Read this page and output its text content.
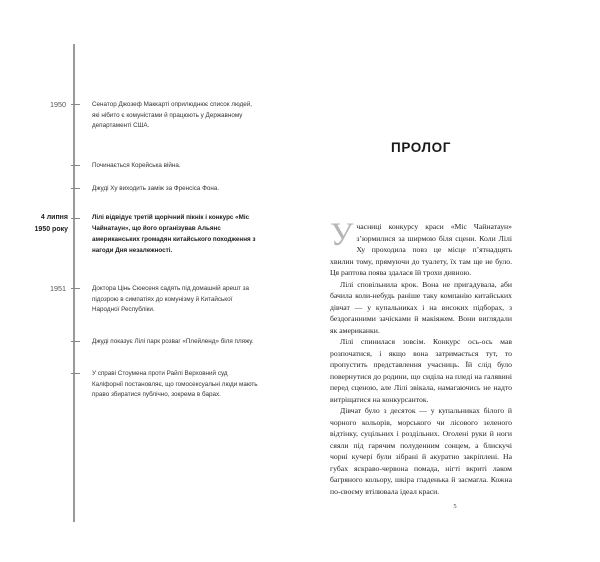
1950	Сенатор Джозеф Маккарті оприлюднює список людей, які нібито є комуністами й працюють у Державному департаменті США.
Починається Корейська війна.
Джуді Ху виходить заміж за Френсіса Фона.
4 липня 1950 року
Лілі відвідує третій щорічний пікнік і конкурс «Міс Чайнатаун», що його організував Альянс американських громадян китайського походження з нагоди Дня незалежності.
1951	Доктора Цінь Сюесеня садять під домашній арешт за підозрою в симпатіях до комунізму й Китайської Народної Республіки.
Джуді показує Лілі парк розваг «Плейленд» біля пляжу.
У справі Стоумена проти Райлі Верховний суд Каліфорнії постановляє, що гомосексуальні люди мають право збиратися публічно, зокрема в барах.
ПРОЛОГ

Учасниці конкурсу краси «Міс Чайнатаун» з’юрмилися за ширмою біля сцени. Коли Лілі Ху проходила повз це місце п’ятнадцять хвилин тому, прямуючи до туалету, їх там ще не було. Ця раптова поява здалася їй трохи дивною.

Лілі сповільнила крок. Вона не пригадувала, аби бачила коли-небудь раніше таку компанію китайських дівчат — у купальниках і на високих підборах, з бездоганними зачісками й макіяжем. Вони виглядали як американки.

Лілі спинилася зовсім. Конкурс ось-ось мав розпочатися, і якщо вона затримається тут, то пропустить представлення учасниць. Їй слід було повернутися до родини, що сиділа на пледі на галявині перед сценою, але Лілі звікала, намагаючись не надто витріщатися на конкурсанток.

Дівчат було з десяток — у купальниках білого й чорного кольорів, морського чи лісового зеленого відтінку, суцільних і роздільних. Оголені руки й ноги сяяли під гарячим полуденним сонцем, а блискучі чорні кучері були зібрані й акуратно закріплені. На губах яскраво-червона помада, нігті вкриті лаком багряного кольору, шкіра гладенька й засмагла. Кожна по-своєму втілювала ідеал краси.

5
